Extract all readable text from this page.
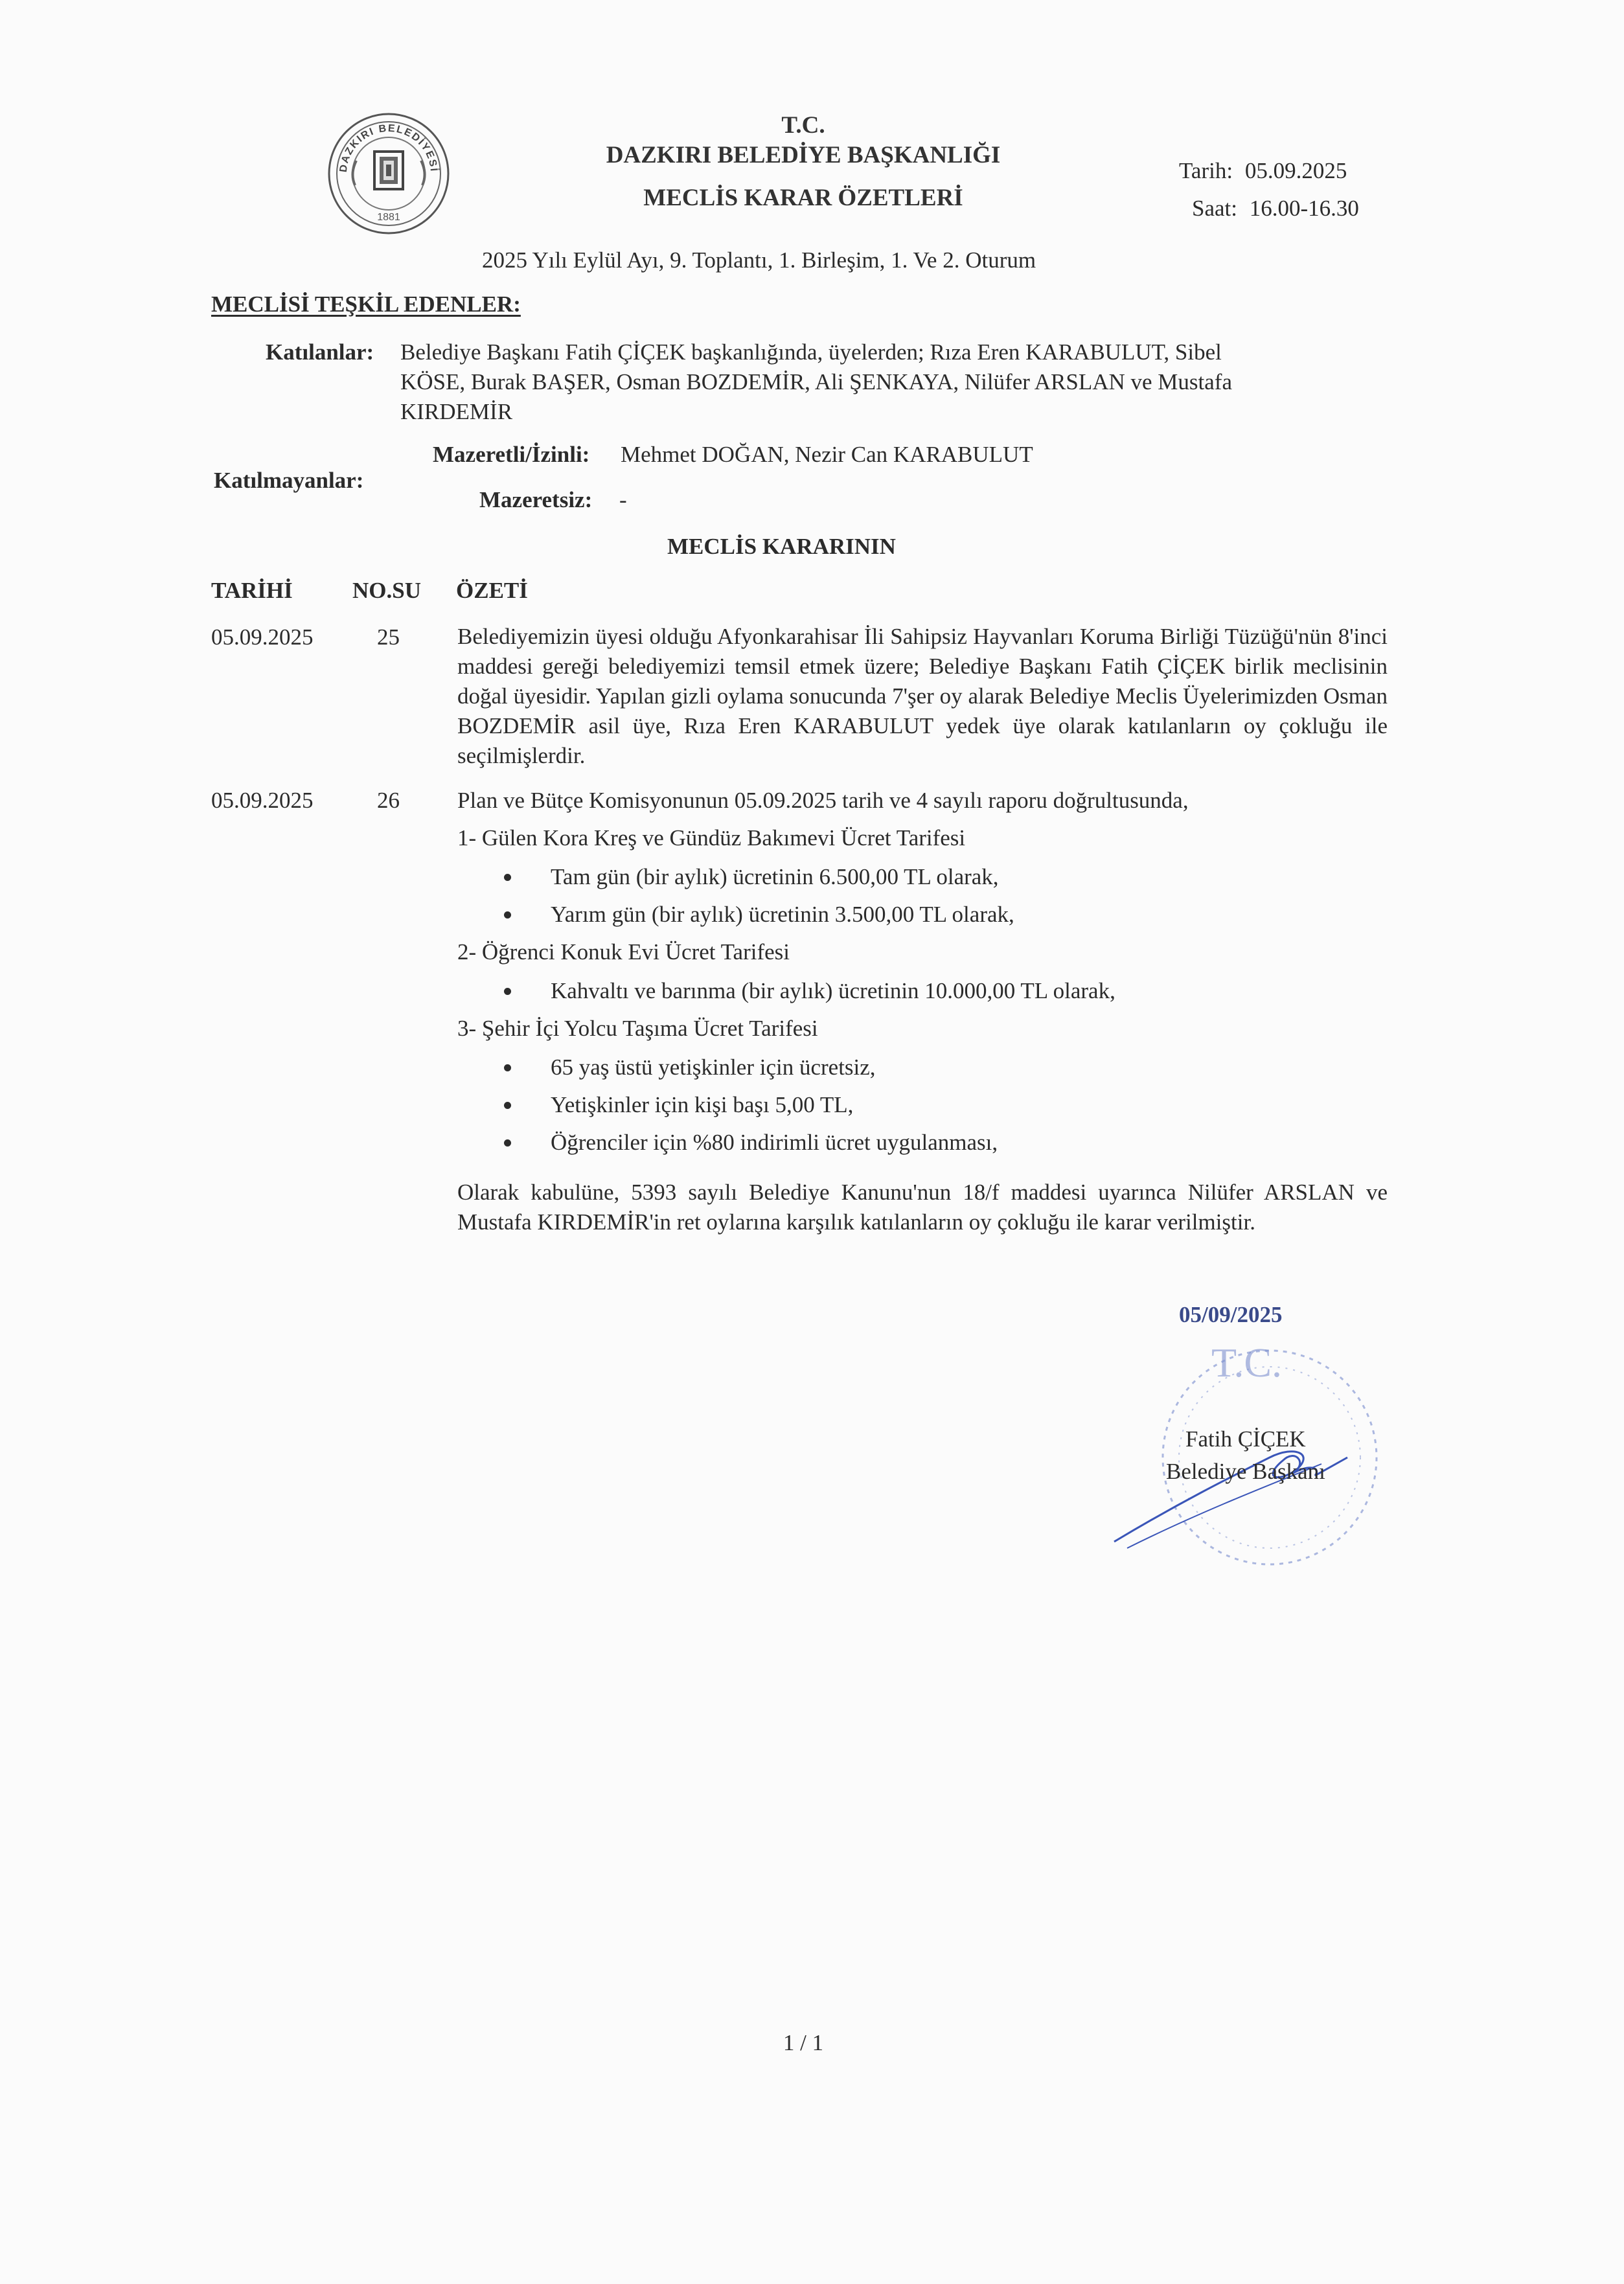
DAZKIRI BELEDİYESİ
1881
T.C.
DAZKIRI BELEDİYE BAŞKANLIĞI
MECLİS KARAR ÖZETLERİ
Tarih: 05.09.2025
Saat: 16.00-16.30
2025 Yılı Eylül Ayı, 9. Toplantı, 1. Birleşim, 1. Ve 2. Oturum
MECLİSİ TEŞKİL EDENLER:
Katılanlar: Belediye Başkanı Fatih ÇİÇEK başkanlığında, üyelerden; Rıza Eren KARABULUT, Sibel
KÖSE, Burak BAŞER, Osman BOZDEMİR, Ali ŞENKAYA, Nilüfer ARSLAN ve Mustafa
KIRDEMİR
Katılmayanlar:
Mazeretli/İzinli: Mehmet DOĞAN, Nezir Can KARABULUT
Mazeretsiz: -
MECLİS KARARININ
TARİHİ	NO.SU ÖZETİ
05.09.2025	25	Belediyemizin üyesi olduğu Afyonkarahisar İli Sahipsiz Hayvanları Koruma Birliği Tüzüğü'nün 8'inci maddesi gereği belediyemizi temsil etmek üzere; Belediye Başkanı Fatih ÇİÇEK birlik meclisinin doğal üyesidir. Yapılan gizli oylama sonucunda 7'şer oy alarak Belediye Meclis Üyelerimizden Osman BOZDEMİR asil üye, Rıza Eren KARABULUT yedek üye olarak katılanların oy çokluğu ile seçilmişlerdir.
05.09.2025	26	Plan ve Bütçe Komisyonunun 05.09.2025 tarih ve 4 sayılı raporu doğrultusunda,
1- Gülen Kora Kreş ve Gündüz Bakımevi Ücret Tarifesi
Tam gün (bir aylık) ücretinin 6.500,00 TL olarak,
Yarım gün (bir aylık) ücretinin 3.500,00 TL olarak,
2- Öğrenci Konuk Evi Ücret Tarifesi
Kahvaltı ve barınma (bir aylık) ücretinin 10.000,00 TL olarak,
3- Şehir İçi Yolcu Taşıma Ücret Tarifesi
65 yaş üstü yetişkinler için ücretsiz,
Yetişkinler için kişi başı 5,00 TL,
Öğrenciler için %80 indirimli ücret uygulanması,
Olarak kabulüne, 5393 sayılı Belediye Kanunu'nun 18/f maddesi uyarınca Nilüfer ARSLAN ve Mustafa KIRDEMİR'in ret oylarına karşılık katılanların oy çokluğu ile karar verilmiştir.
T.C.
05/09/2025
Fatih ÇİÇEK
Belediye Başkanı
1 / 1
